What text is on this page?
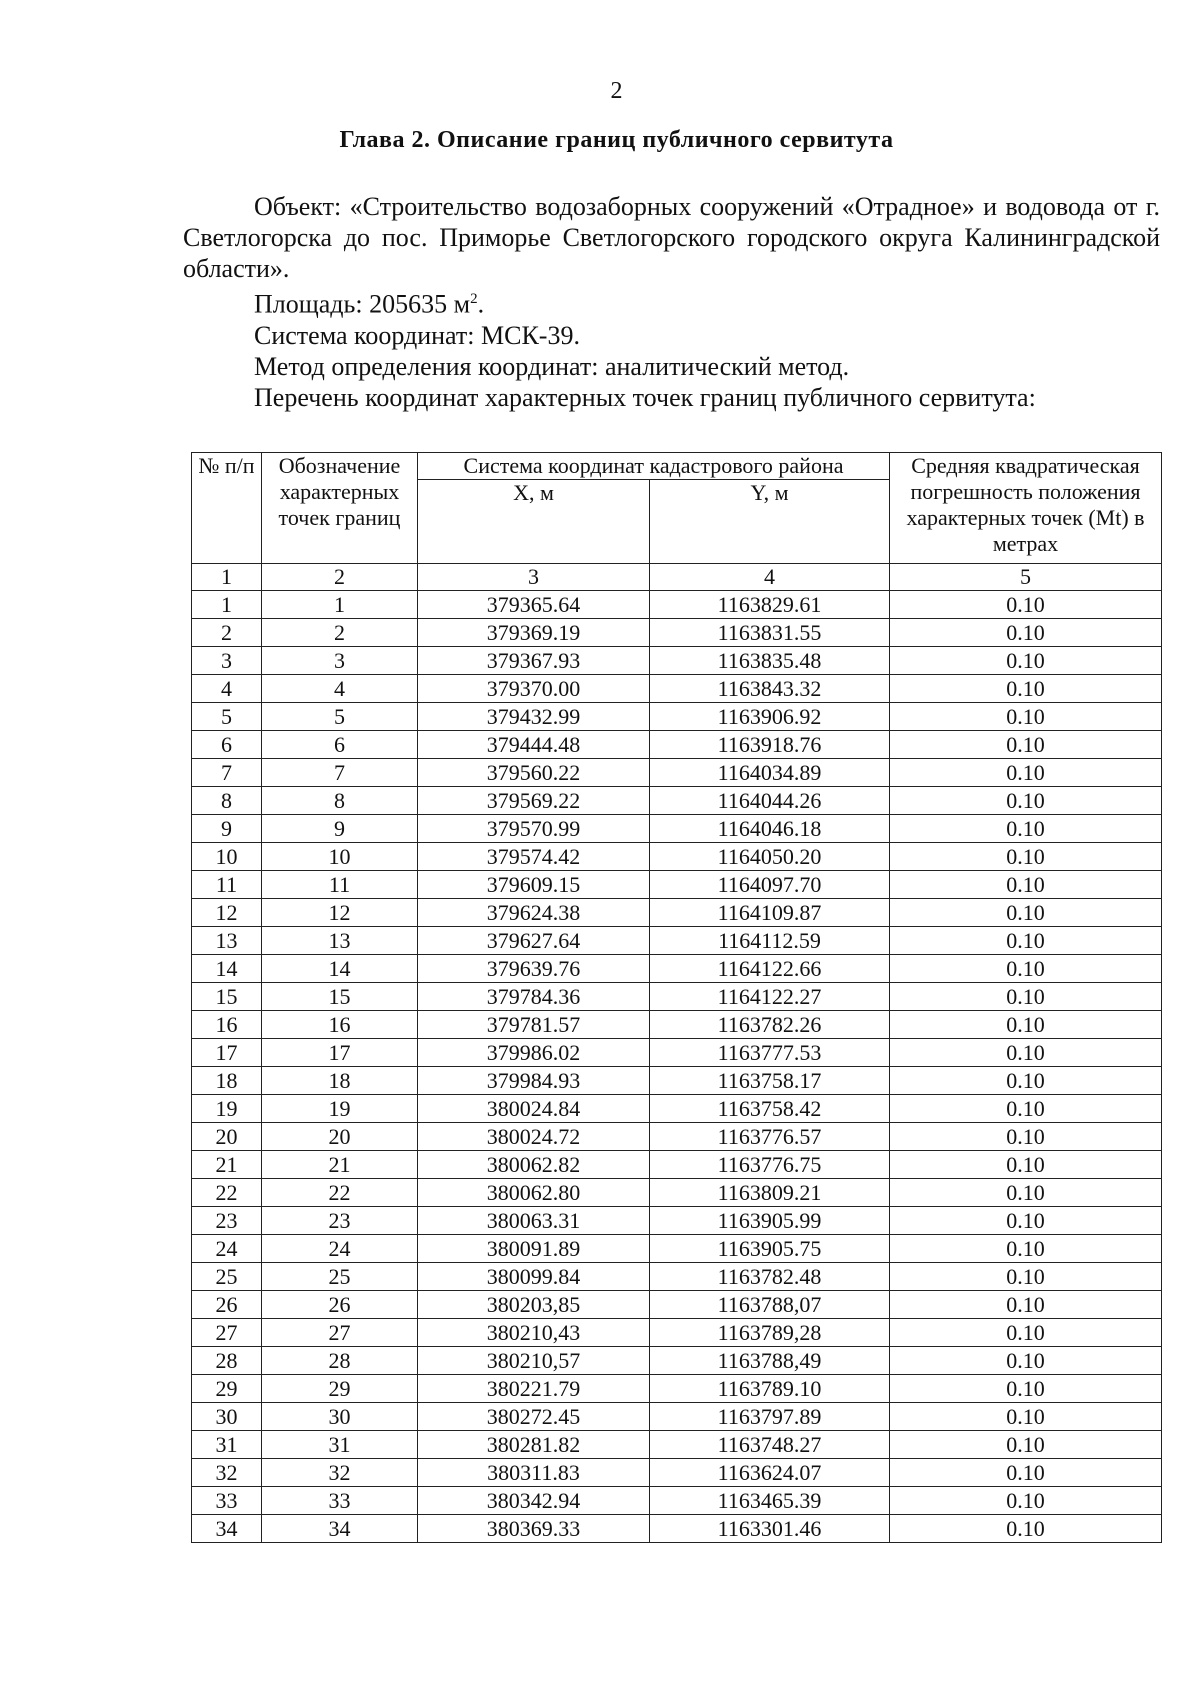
2
Глава 2. Описание границ публичного сервитута

Объект: «Строительство водозаборных сооружений «Отрадное» и водовода от г. Светлогорска до пос. Приморье Светлогорского городского округа Калининградской области».

Площадь: 205635 $м^2$.

Система координат: МСК-39.

Метод определения координат: аналитический метод.

Перечень координат характерных точек границ публичного сервитута:

№ п/п	Обозначение характерных точек границ	Система координат кадастрового района		Средняя квадратическая погрешность положения характерных точек (Mt) в метрах
		X, м	Y, м	
1	2	3	4	5
1	1	379365.64	1163829.61	0.10
2	2	379369.19	1163831.55	0.10
3	3	379367.93	1163835.48	0.10
4	4	379370.00	1163843.32	0.10
5	5	379432.99	1163906.92	0.10
6	6	379444.48	1163918.76	0.10
7	7	379560.22	1164034.89	0.10
8	8	379569.22	1164044.26	0.10
9	9	379570.99	1164046.18	0.10
10	10	379574.42	1164050.20	0.10
11	11	379609.15	1164097.70	0.10
12	12	379624.38	1164109.87	0.10
13	13	379627.64	1164112.59	0.10
14	14	379639.76	1164122.66	0.10
15	15	379784.36	1164122.27	0.10
16	16	379781.57	1163782.26	0.10
17	17	379986.02	1163777.53	0.10
18	18	379984.93	1163758.17	0.10
19	19	380024.84	1163758.42	0.10
20	20	380024.72	1163776.57	0.10
21	21	380062.82	1163776.75	0.10
22	22	380062.80	1163809.21	0.10
23	23	380063.31	1163905.99	0.10
24	24	380091.89	1163905.75	0.10
25	25	380099.84	1163782.48	0.10
26	26	380203,85	1163788,07	0.10
27	27	380210,43	1163789,28	0.10
28	28	380210,57	1163788,49	0.10
29	29	380221.79	1163789.10	0.10
30	30	380272.45	1163797.89	0.10
31	31	380281.82	1163748.27	0.10
32	32	380311.83	1163624.07	0.10
33	33	380342.94	1163465.39	0.10
34	34	380369.33	1163301.46	0.10
